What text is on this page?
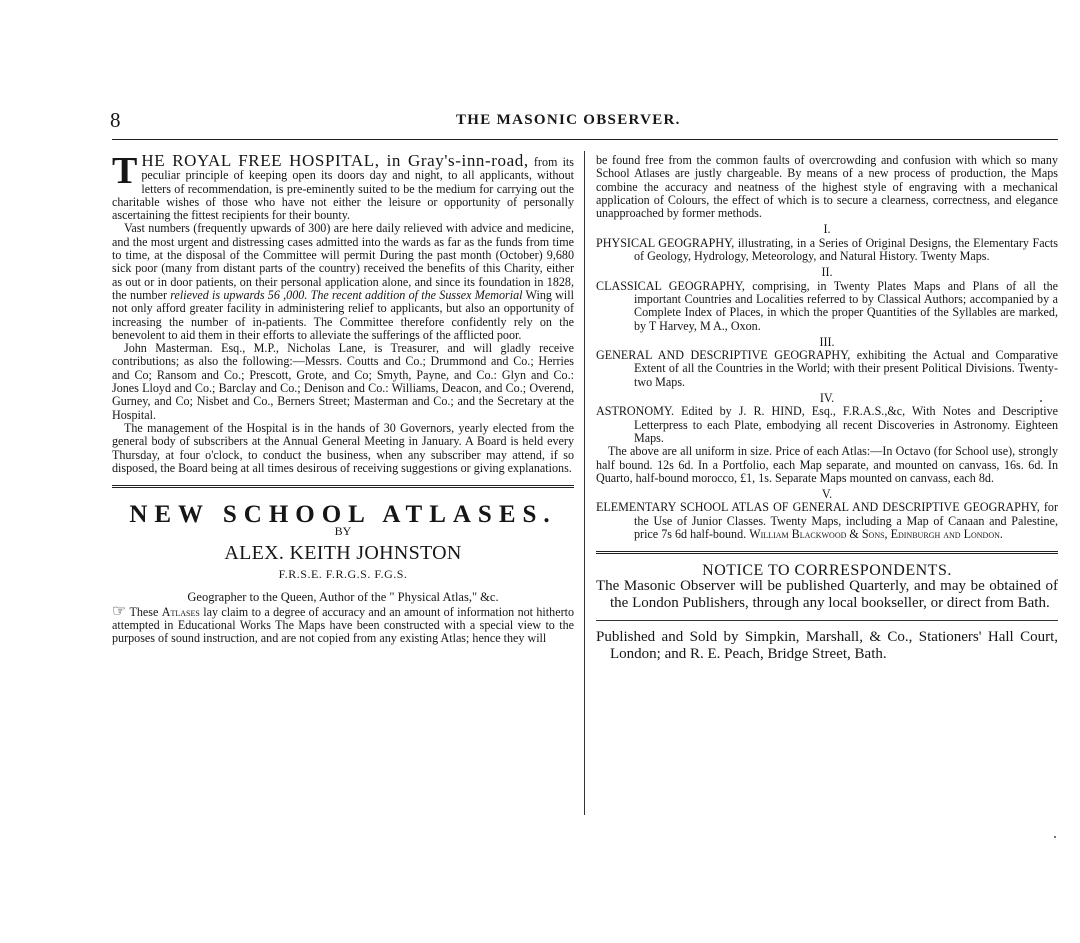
8	THE MASONIC OBSERVER.

T HE ROYAL FREE HOSPITAL, in Gray's-inn-road, from its peculiar principle of keeping open its doors day and night, to all applicants, without letters of recommendation, is pre-eminently suited to be the medium for carrying out the charitable wishes of those who have not either the leisure or opportunity of personally ascertaining the fittest recipients for their bounty.

Vast numbers (frequently upwards of 300) are here daily relieved with advice and medicine, and the most urgent and distressing cases admitted into the wards as far as the funds from time to time, at the disposal of the Committee will permit During the past month (October) 9,680 sick poor (many from distant parts of the country) received the benefits of this Charity, either as out or in door patients, on their personal application alone, and since its foundation in 1828, the number relieved is upwards 56 ,000. The recent addition of the Sussex Memorial Wing will not only afford greater facility in administering relief to applicants, but also an opportunity of increasing the number of in-patients. The Committee therefore confidently rely on the benevolent to aid them in their efforts to alleviate the sufferings of the afflicted poor.

John Masterman. Esq., M.P., Nicholas Lane, is Treasurer, and will gladly receive contributions; as also the following:—Messrs. Coutts and Co.; Drummond and Co.; Herries and Co; Ransom and Co.; Prescott, Grote, and Co; Smyth, Payne, and Co.: Glyn and Co.: Jones Lloyd and Co.; Barclay and Co.; Denison and Co.: Williams, Deacon, and Co.; Overend, Gurney, and Co; Nisbet and Co., Berners Street; Masterman and Co.; and the Secretary at the Hospital.

The management of the Hospital is in the hands of 30 Governors, yearly elected from the general body of subscribers at the Annual General Meeting in January. A Board is held every Thursday, at four o'clock, to conduct the business, when any subscriber may attend, if so disposed, the Board being at all times desirous of receiving suggestions or giving explanations.

NEW SCHOOL ATLASES.
BY
ALEX. KEITH JOHNSTON
F.R.S.E. F.R.G.S. F.G.S.
Geographer to the Queen, Author of the " Physical Atlas," &c.

☞ These Atlases lay claim to a degree of accuracy and an amount of information not hitherto attempted in Educational Works The Maps have been constructed with a special view to the purposes of sound instruction, and are not copied from any existing Atlas; hence they will

be found free from the common faults of overcrowding and confusion with which so many School Atlases are justly chargeable. By means of a new process of production, the Maps combine the accuracy and neatness of the highest style of engraving with a mechanical application of Colours, the effect of which is to secure a clearness, correctness, and elegance unapproached by former methods.

I.

PHYSICAL GEOGRAPHY, illustrating, in a Series of Original Designs, the Elementary Facts of Geology, Hydrology, Meteorology, and Natural History. Twenty Maps.

II.

CLASSICAL GEOGRAPHY, comprising, in Twenty Plates Maps and Plans of all the important Countries and Localities referred to by Classical Authors; accompanied by a Complete Index of Places, in which the proper Quantities of the Syllables are marked, by T Harvey, M A., Oxon.

III.

GENERAL AND DESCRIPTIVE GEOGRAPHY, exhibiting the Actual and Comparative Extent of all the Countries in the World; with their present Political Divisions. Twenty-two Maps.

IV.

ASTRONOMY. Edited by J. R. HIND, Esq., F.R.A.S.,&c, With Notes and Descriptive Letterpress to each Plate, embodying all recent Discoveries in Astronomy. Eighteen Maps.

The above are all uniform in size. Price of each Atlas:—In Octavo (for School use), strongly half bound. 12s 6d. In a Portfolio, each Map separate, and mounted on canvass, 16s. 6d. In Quarto, half-bound morocco, £1, 1s. Separate Maps mounted on canvass, each 8d.

V.

ELEMENTARY SCHOOL ATLAS OF GENERAL AND DESCRIPTIVE GEOGRAPHY, for the Use of Junior Classes. Twenty Maps, including a Map of Canaan and Palestine, price 7s 6d half-bound. William Blackwood & Sons, Edinburgh and London.

NOTICE TO CORRESPONDENTS.

The Masonic Observer will be published Quarterly, and may be obtained of the London Publishers, through any local bookseller, or direct from Bath.

Published and Sold by Simpkin, Marshall, & Co., Stationers' Hall Court, London; and R. E. Peach, Bridge Street, Bath.
